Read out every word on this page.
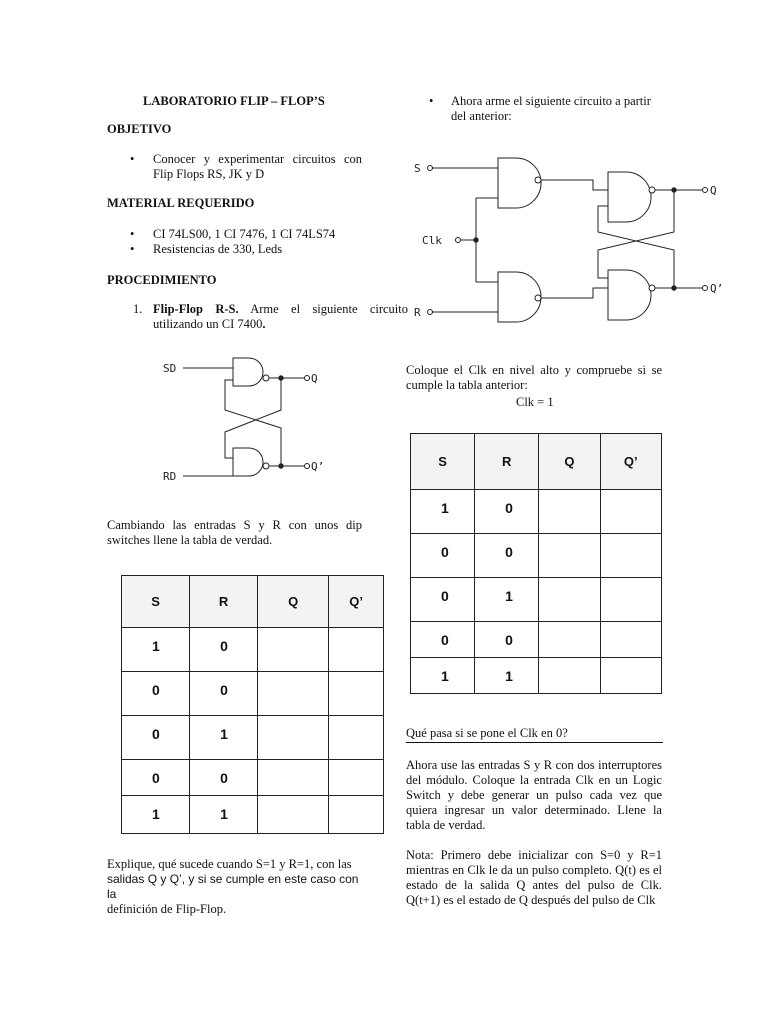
LABORATORIO FLIP – FLOP’S
OBJETIVO
• Conocer y experimentar circuitos con Flip Flops RS, JK y D
MATERIAL REQUERIDO
• CI 74LS00, 1 CI 7476, 1 CI 74LS74
• Resistencias de 330, Leds
PROCEDIMIENTO
1. Flip-Flop R-S. Arme el siguiente circuito utilizando un CI 7400.
SD
RD
Q
Q’

Cambiando las entradas S y R con unos dip switches llene la tabla de verdad.

S	R	Q	Q’
1	0		
0	0		
0	1		
0	0		
1	1		
Explique, qué sucede cuando S=1 y R=1, con las
salidas Q y Q’, y si se cumple en este caso con la
definición de Flip-Flop.
• Ahora arme el siguiente circuito a partir del anterior:
S
Clk
R
Q
Q’

Coloque el Clk en nivel alto y compruebe si se cumple la tabla anterior:

Clk = 1
S	R	Q	Q’
1	0		
0	0		
0	1		
0	0		
1	1		
Qué pasa si se pone el Clk en 0?

Ahora use las entradas S y R con dos interruptores del módulo. Coloque la entrada Clk en un Logic Switch y debe generar un pulso cada vez que quiera ingresar un valor determinado. Llene la tabla de verdad.

Nota: Primero debe inicializar con S=0 y R=1 mientras en Clk le da un pulso completo. Q(t) es el estado de la salida Q antes del pulso de Clk. Q(t+1) es el estado de Q después del pulso de Clk
